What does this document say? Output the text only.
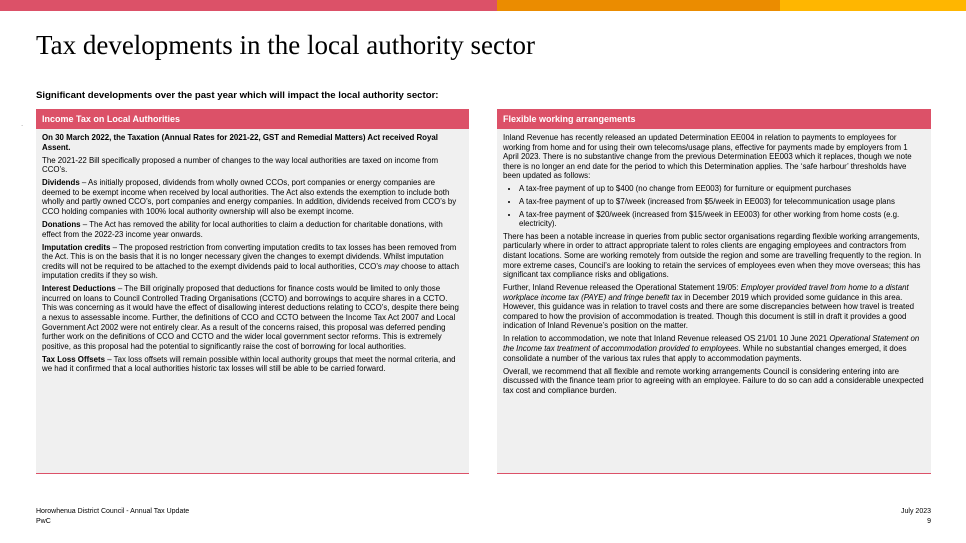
Tax developments in the local authority sector
Significant developments over the past year which will impact the local authority sector:
.	Income Tax on Local Authorities

On 30 March 2022, the Taxation (Annual Rates for 2021-22, GST and Remedial Matters) Act received Royal Assent.

The 2021-22 Bill specifically proposed a number of changes to the way local authorities are taxed on income from CCO’s.

Dividends – As initially proposed, dividends from wholly owned CCOs, port companies or energy companies are deemed to be exempt income when received by local authorities. The Act also extends the exemption to include both wholly and partly owned CCO’s, port companies and energy companies. In addition, dividends received from CCO’s by CCO holding companies with 100% local authority ownership will also be exempt income.

Donations – The Act has removed the ability for local authorities to claim a deduction for charitable donations, with effect from the 2022-23 income year onwards.

Imputation credits – The proposed restriction from converting imputation credits to tax losses has been removed from the Act. This is on the basis that it is no longer necessary given the changes to exempt dividends. Whilst imputation credits will not be required to be attached to the exempt dividends paid to local authorities, CCO’s may choose to attach imputation credits if they so wish.

Interest Deductions – The Bill originally proposed that deductions for finance costs would be limited to only those incurred on loans to Council Controlled Trading Organisations (CCTO) and borrowings to acquire shares in a CCTO. This was concerning as it would have the effect of disallowing interest deductions relating to CCO’s, despite there being a nexus to assessable income. Further, the definitions of CCO and CCTO between the Income Tax Act 2007 and Local Government Act 2002 were not entirely clear. As a result of the concerns raised, this proposal was deferred pending further work on the definitions of CCO and CCTO and the wider local government sector reforms. This is extremely positive, as this proposal had the potential to significantly raise the cost of borrowing for local authorities.

Tax Loss Offsets – Tax loss offsets will remain possible within local authority groups that meet the normal criteria, and we had it confirmed that a local authorities historic tax losses will still be able to be carried forward.

Flexible working arrangements

Inland Revenue has recently released an updated Determination EE004 in relation to payments to employees for working from home and for using their own telecoms/usage plans, effective for payments made by employers from 1 April 2023. There is no substantive change from the previous Determination EE003 which it replaces, though we note there is no longer an end date for the period to which this Determination applies. The ‘safe harbour’ thresholds have been updated as follows:

• A tax-free payment of up to $400 (no change from EE003) for furniture or equipment purchases
• A tax-free payment of up to $7/week (increased from $5/week in EE003) for telecommunication usage plans
• A tax-free payment of $20/week (increased from $15/week in EE003) for other working from home costs (e.g. electricity).

There has been a notable increase in queries from public sector organisations regarding flexible working arrangements, particularly where in order to attract appropriate talent to roles clients are engaging employees and contractors from distant locations. Some are working remotely from outside the region and some are travelling frequently to the region. In more extreme cases, Council’s are looking to retain the services of employees even when they move overseas; this has significant tax compliance risks and obligations.

Further, Inland Revenue released the Operational Statement 19/05: Employer provided travel from home to a distant workplace income tax (PAYE) and fringe benefit tax in December 2019 which provided some guidance in this area. However, this guidance was in relation to travel costs and there are some discrepancies between how travel is treated compared to how the provision of accommodation is treated. Though this document is still in draft it provides a good indication of Inland Revenue’s position on the matter.

In relation to accommodation, we note that Inland Revenue released OS 21/01 10 June 2021 Operational Statement on the Income tax treatment of accommodation provided to employees. While no substantial changes emerged, it does consolidate a number of the various tax rules that apply to accommodation payments.

Overall, we recommend that all flexible and remote working arrangements Council is considering entering into are discussed with the finance team prior to agreeing with an employee. Failure to do so can add a considerable unexpected tax cost and compliance burden.

Horowhenua District Council - Annual Tax Update
PwC
July 2023
9
